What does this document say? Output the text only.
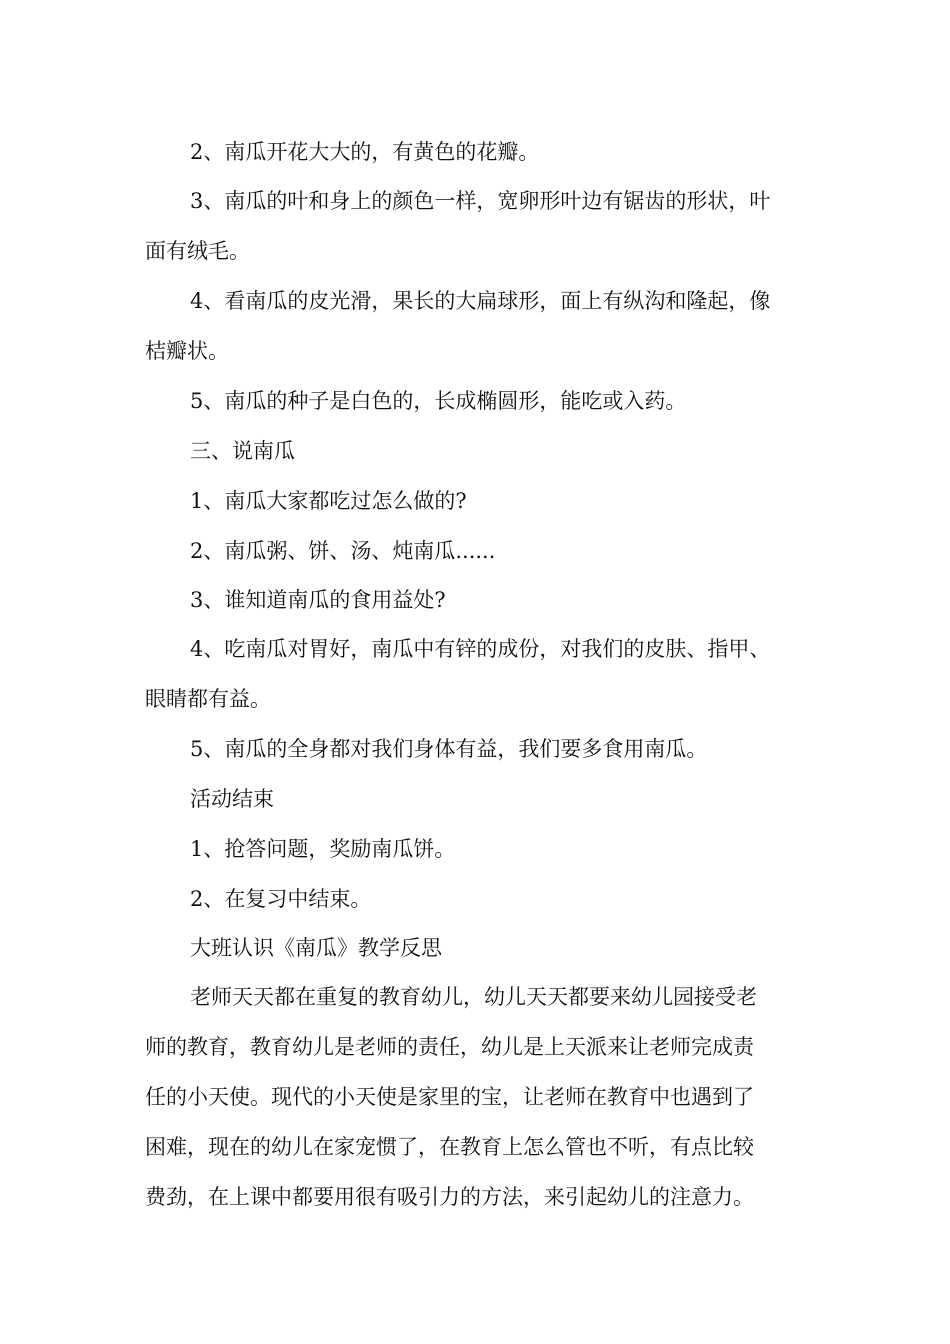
2、南瓜开花大大的，有黄色的花瓣。
3、南瓜的叶和身上的颜色一样，宽卵形叶边有锯齿的形状，叶
面有绒毛。
4、看南瓜的皮光滑，果长的大扁球形，面上有纵沟和隆起，像
桔瓣状。
5、南瓜的种子是白色的，长成椭圆形，能吃或入药。
三、说南瓜
1、南瓜大家都吃过怎么做的?
2、南瓜粥、饼、汤、炖南瓜......
3、谁知道南瓜的食用益处?
4、吃南瓜对胃好，南瓜中有锌的成份，对我们的皮肤、指甲、
眼睛都有益。
5、南瓜的全身都对我们身体有益，我们要多食用南瓜。
活动结束
1、抢答问题，奖励南瓜饼。
2、在复习中结束。
大班认识《南瓜》教学反思
老师天天都在重复的教育幼儿，幼儿天天都要来幼儿园接受老
师的教育，教育幼儿是老师的责任，幼儿是上天派来让老师完成责
任的小天使。现代的小天使是家里的宝，让老师在教育中也遇到了
困难，现在的幼儿在家宠惯了，在教育上怎么管也不听，有点比较
费劲，在上课中都要用很有吸引力的方法，来引起幼儿的注意力。
